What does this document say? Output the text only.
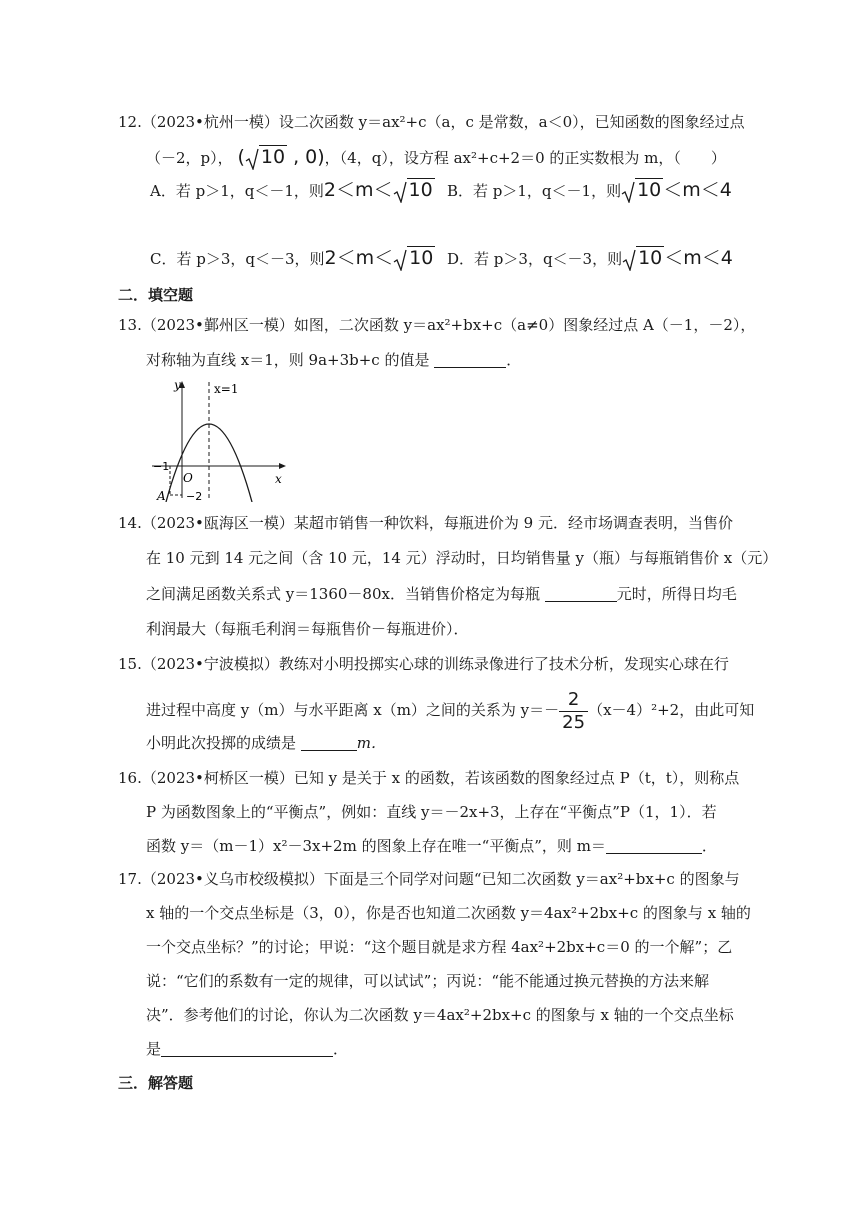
12.（2023•杭州一模）设二次函数 y＝ax²+c（a，c 是常数，a＜0），已知函数的图象经过点
（－2，p）， ( 10 , 0)，（4，q），设方程 ax²+c+2＝0 的正实数根为 m，（　　）
A．若 p＞1，q＜－1，则2＜m＜ 10 B．若 p＞1，q＜－1，则 10 ＜m＜4
C．若 p＞3，q＜－3，则2＜m＜ 10 D．若 p＞3，q＜－3，则 10 ＜m＜4
二．填空题
13.（2023•鄞州区一模）如图，二次函数 y＝ax²+bx+c（a≠0）图象经过点 A（－1，－2），
对称轴为直线 x＝1，则 9a+3b+c 的值是	．
y
x
x=1
O
−1
−2
A
14.（2023•瓯海区一模）某超市销售一种饮料，每瓶进价为 9 元．经市场调查表明，当售价
在 10 元到 14 元之间（含 10 元，14 元）浮动时，日均销售量 y（瓶）与每瓶销售价 x（元）
之间满足函数关系式 y＝1360－80x．当销售价格定为每瓶	元时，所得日均毛
利润最大（每瓶毛利润＝每瓶售价－每瓶进价）．
15.（2023•宁波模拟）教练对小明投掷实心球的训练录像进行了技术分析，发现实心球在行
进过程中高度 y（m）与水平距离 x（m）之间的关系为 $y=- \frac{2}{25} (x-4)^2+2$，由此可知
小明此次投掷的成绩是	m．
16.（2023•柯桥区一模）已知 y 是关于 x 的函数，若该函数的图象经过点 P（t，t），则称点
P 为函数图象上的“平衡点”，例如：直线 y＝－2x+3，上存在“平衡点”P（1，1）．若
函数 y＝（m－1）x²－3x+2m 的图象上存在唯一“平衡点”，则 m＝	．
17.（2023•义乌市校级模拟）下面是三个同学对问题“已知二次函数 y＝ax²+bx+c 的图象与
x 轴的一个交点坐标是（3，0），你是否也知道二次函数 y＝4ax²+2bx+c 的图象与 x 轴的
一个交点坐标？”的讨论；甲说：“这个题目就是求方程 4ax²+2bx+c＝0 的一个解”；乙
说：“它们的系数有一定的规律，可以试试”；丙说：“能不能通过换元替换的方法来解
决”．参考他们的讨论，你认为二次函数 y＝4ax²+2bx+c 的图象与 x 轴的一个交点坐标
是	．
三．解答题
